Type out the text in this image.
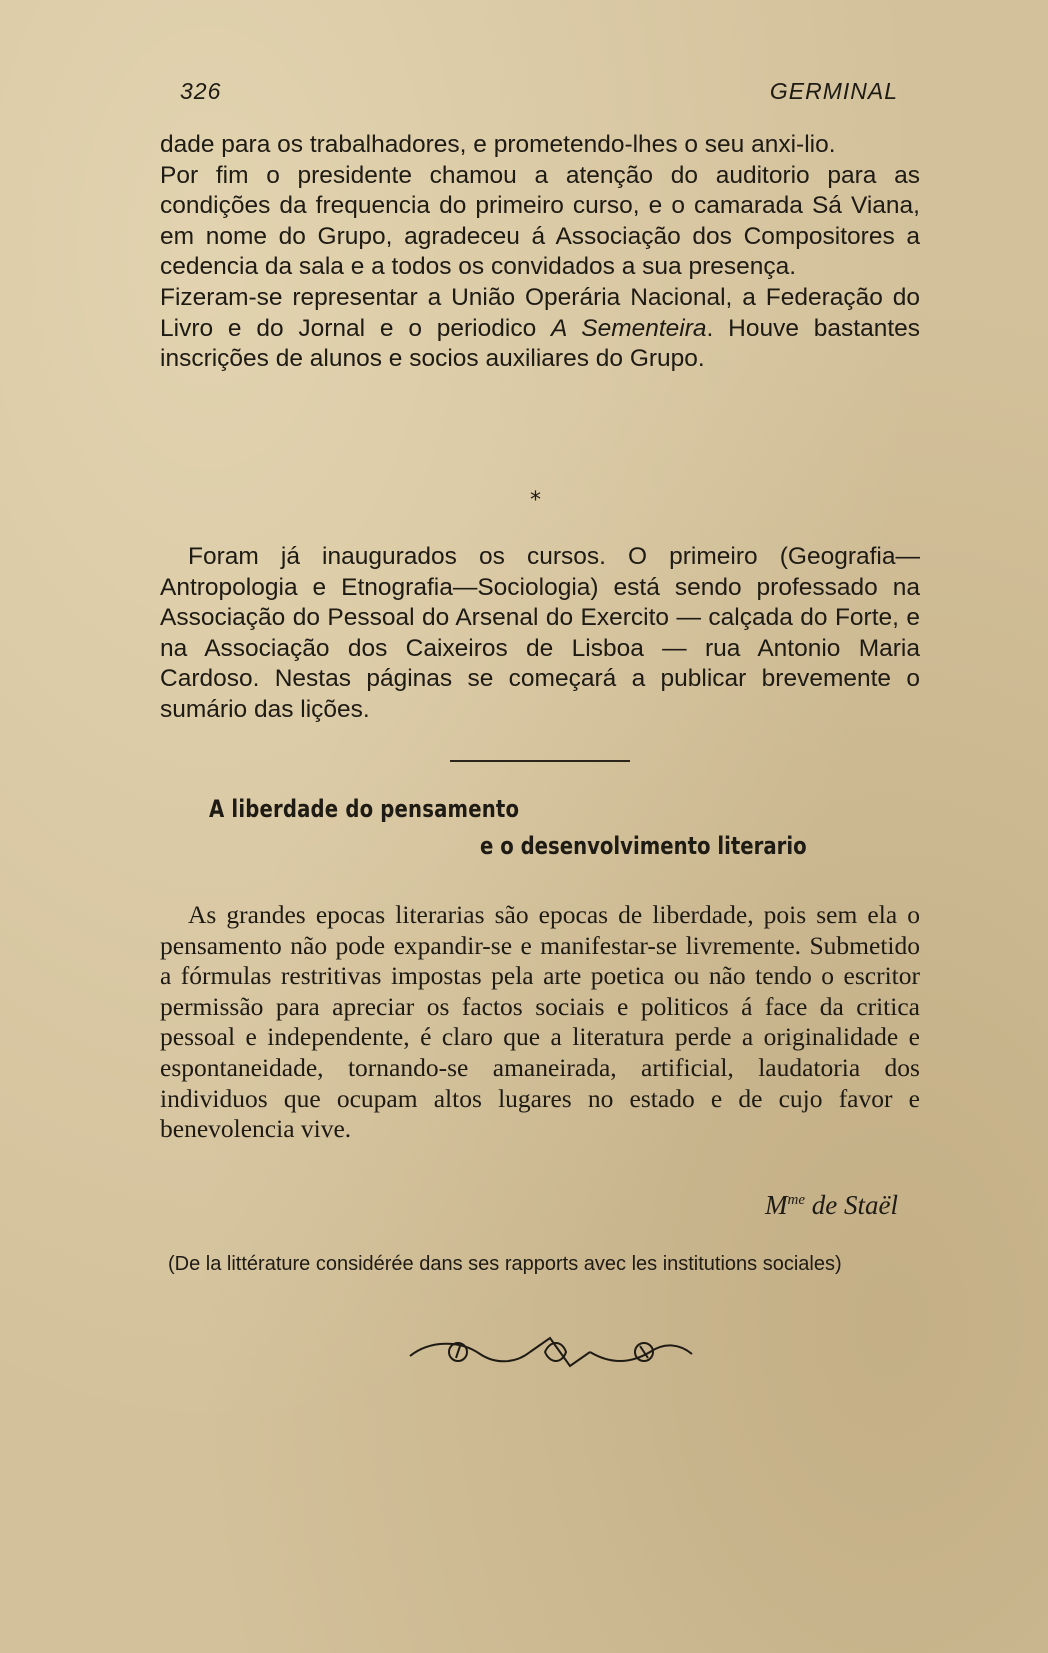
326	GERMINAL

dade para os trabalhadores, e prometendo-lhes o seu anxi-lio.

Por fim o presidente chamou a atenção do auditorio para as condições da frequencia do primeiro curso, e o camarada Sá Viana, em nome do Grupo, agradeceu á Associação dos Compositores a cedencia da sala e a todos os convidados a sua presença.

Fizeram-se representar a União Operária Nacional, a Federação do Livro e do Jornal e o periodico A Sementeira. Houve bastantes inscrições de alunos e socios auxiliares do Grupo.

*

Foram já inaugurados os cursos. O primeiro (Geografia—Antropologia e Etnografia—Sociologia) está sendo professado na Associação do Pessoal do Arsenal do Exercito — calçada do Forte, e na Associação dos Caixeiros de Lisboa — rua Antonio Maria Cardoso. Nestas páginas se começará a publicar brevemente o sumário das lições.

A liberdade do pensamento
e o desenvolvimento literario

As grandes epocas literarias são epocas de liberdade, pois sem ela o pensamento não pode expandir-se e manifestar-se livremente. Submetido a fórmulas restritivas impostas pela arte poetica ou não tendo o escritor permissão para apreciar os factos sociais e politicos á face da critica pessoal e independente, é claro que a literatura perde a originalidade e espontaneidade, tornando-se amaneirada, artificial, laudatoria dos individuos que ocupam altos lugares no estado e de cujo favor e benevolencia vive.

$M^{me}$ de Staël
(De la littérature considérée dans ses rapports avec les institutions sociales)
